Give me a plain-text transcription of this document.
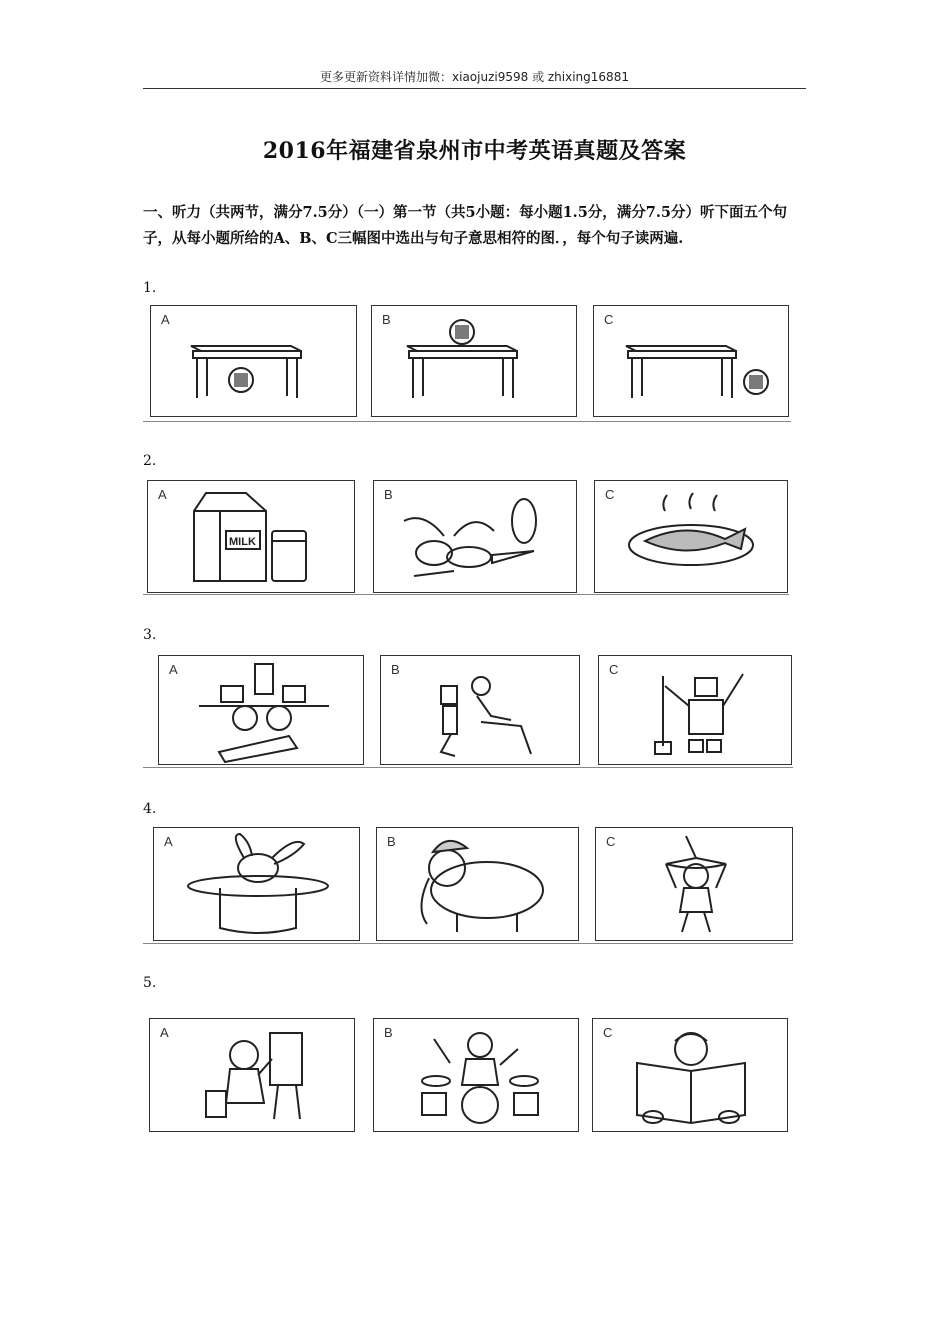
更多更新资料详情加微：xiaojuzi9598 或 zhixing16881
2016年福建省泉州市中考英语真题及答案
一、听力（共两节，满分7.5分）（一）第一节（共5小题：每小题1.5分，满分7.5分）听下面五个句子，从每小题所给的A、B、C三幅图中选出与句子意思相符的图．，每个句子读两遍.
1.
A	B	C
2.
A
MILK
B	C
3.
A	B	C
4.
A	B	C
5.
A	B	C
